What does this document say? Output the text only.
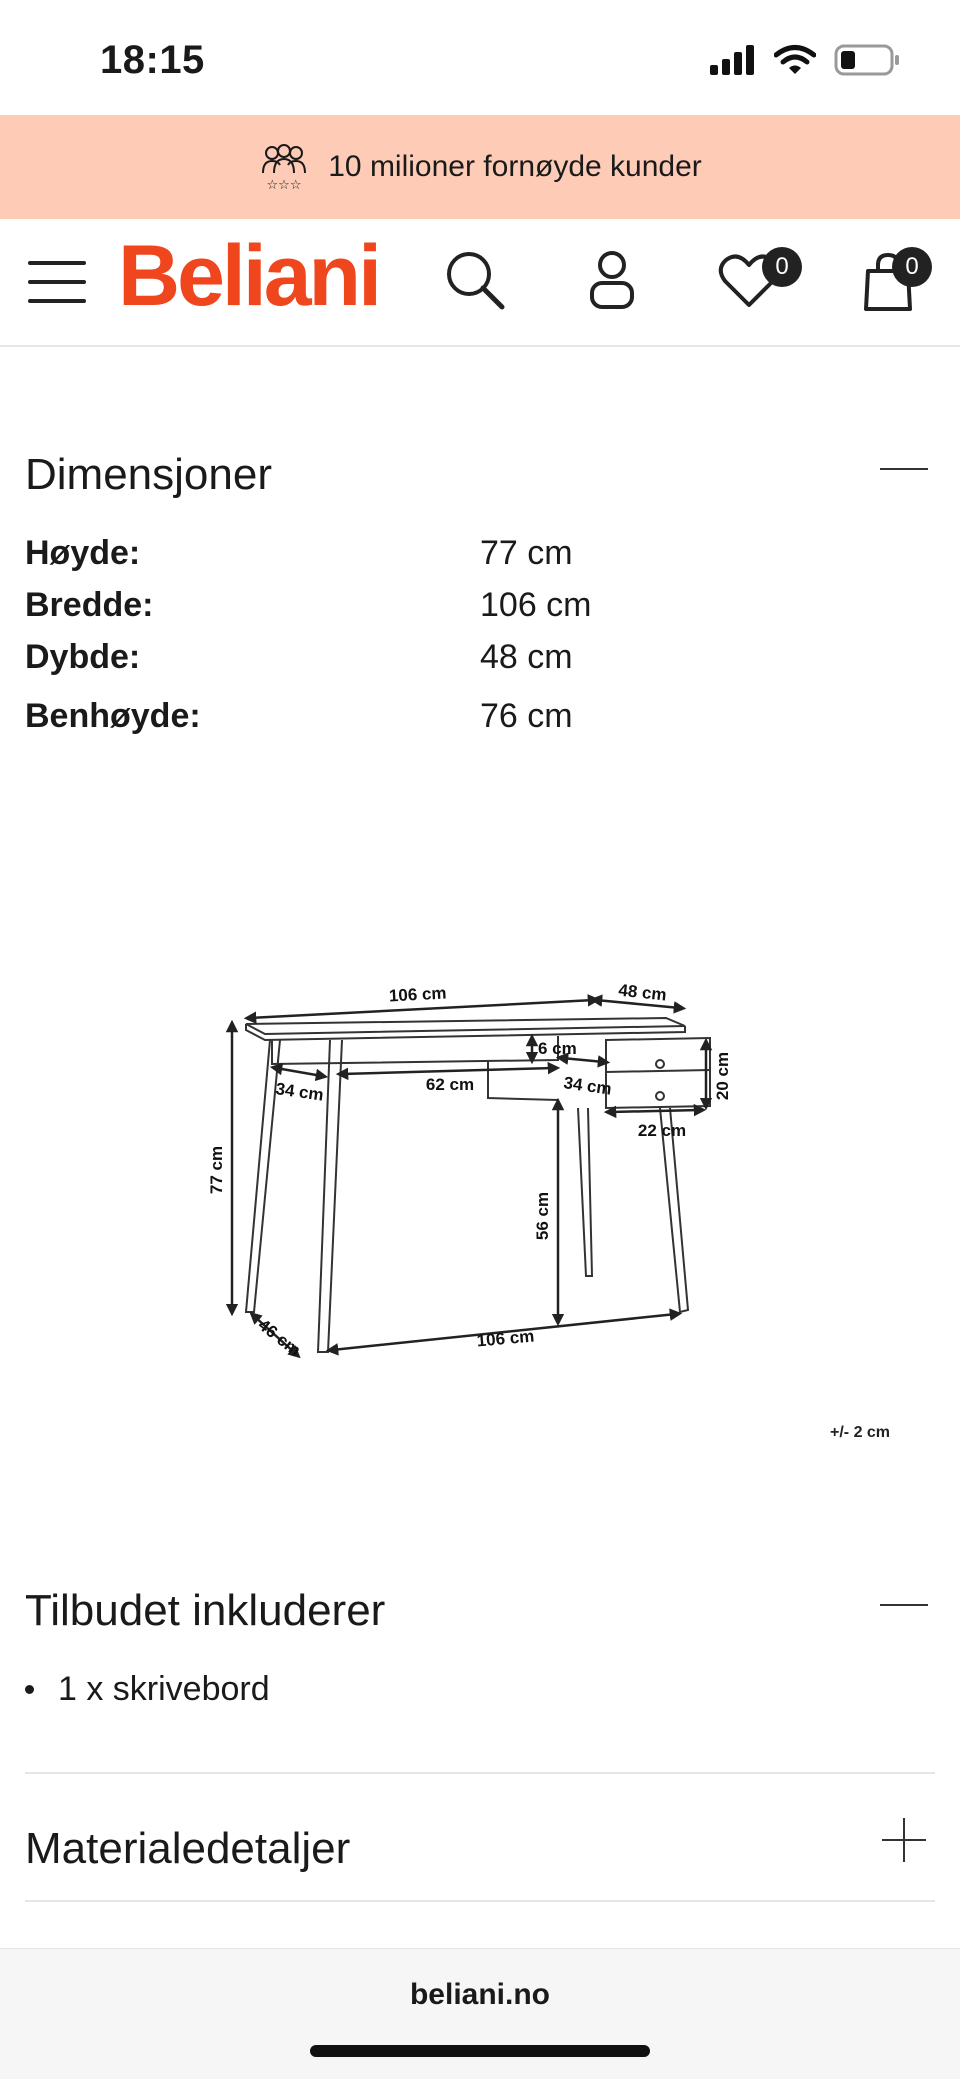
18:15
☆☆☆
10 milioner fornøyde kunder
Beliani	0	0
Dimensjoner
Høyde:	77 cm
Bredde:	106 cm
Dybde:	48 cm
Benhøyde:	76 cm
106 cm	48 cm
6 cm
34 cm	62 cm	34 cm	20 cm
22 cm
77 cm
56 cm
46 cm	106 cm
+/- 2 cm
Tilbudet inkluderer
1 x skrivebord
Materialedetaljer
beliani.no
